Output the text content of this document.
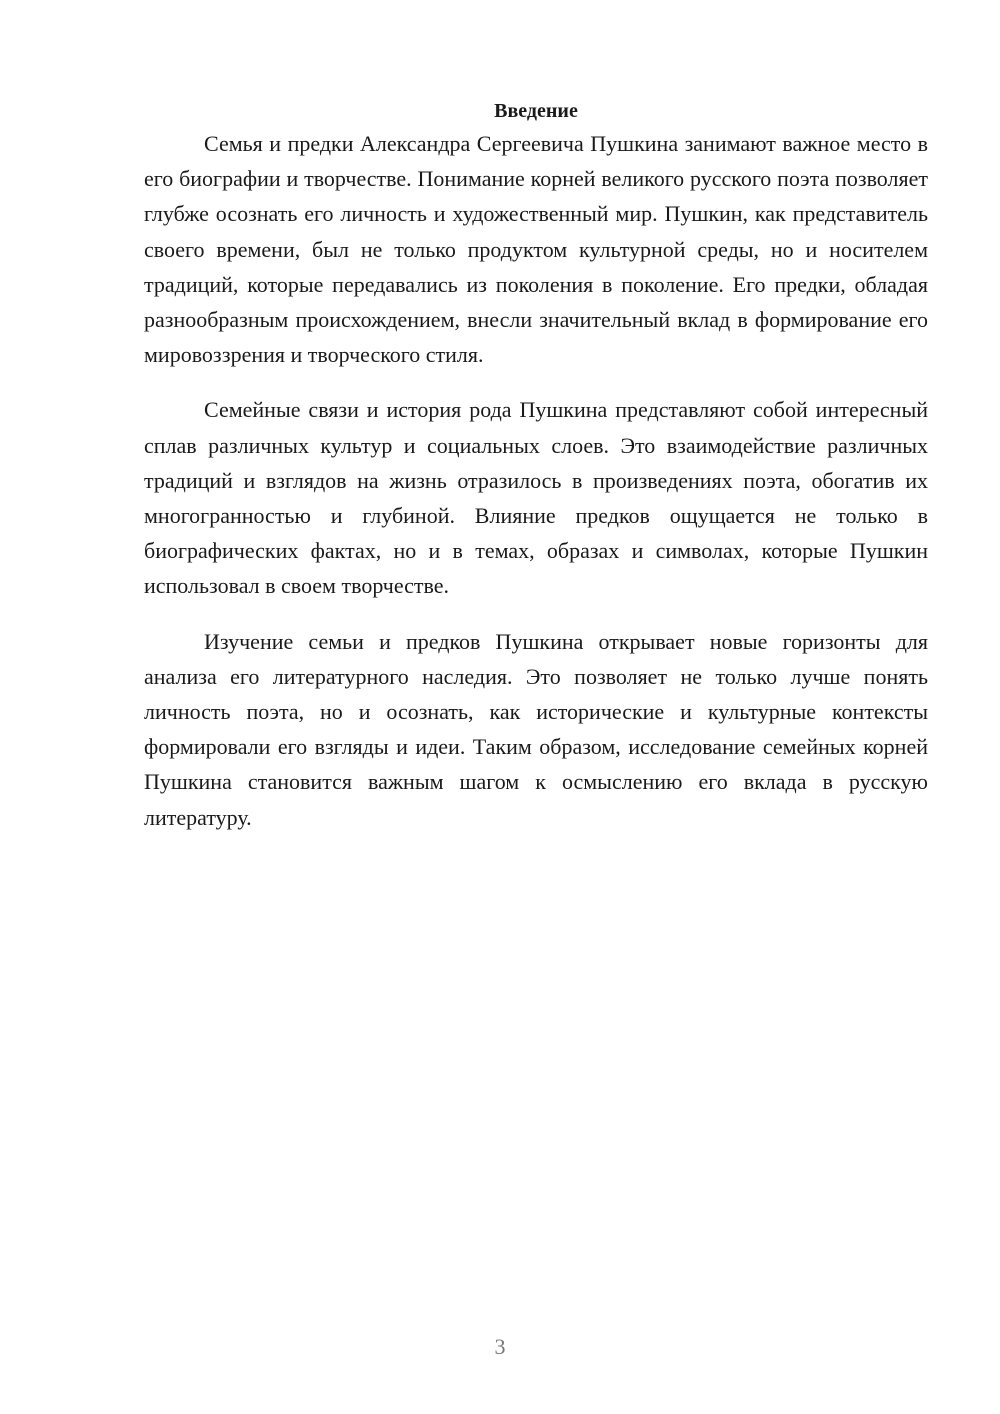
Введение

Семья и предки Александра Сергеевича Пушкина занимают важное место в его биографии и творчестве. Понимание корней великого русского поэта позволяет глубже осознать его личность и художественный мир. Пушкин, как представитель своего времени, был не только продуктом культурной среды, но и носителем традиций, которые передавались из поколения в поколение. Его предки, обладая разнообразным происхождением, внесли значительный вклад в формирование его мировоззрения и творческого стиля.

Семейные связи и история рода Пушкина представляют собой интересный сплав различных культур и социальных слоев. Это взаимодействие различных традиций и взглядов на жизнь отразилось в произведениях поэта, обогатив их многогранностью и глубиной. Влияние предков ощущается не только в биографических фактах, но и в темах, образах и символах, которые Пушкин использовал в своем творчестве.

Изучение семьи и предков Пушкина открывает новые горизонты для анализа его литературного наследия. Это позволяет не только лучше понять личность поэта, но и осознать, как исторические и культурные контексты формировали его взгляды и идеи. Таким образом, исследование семейных корней Пушкина становится важным шагом к осмыслению его вклада в русскую литературу.

3
